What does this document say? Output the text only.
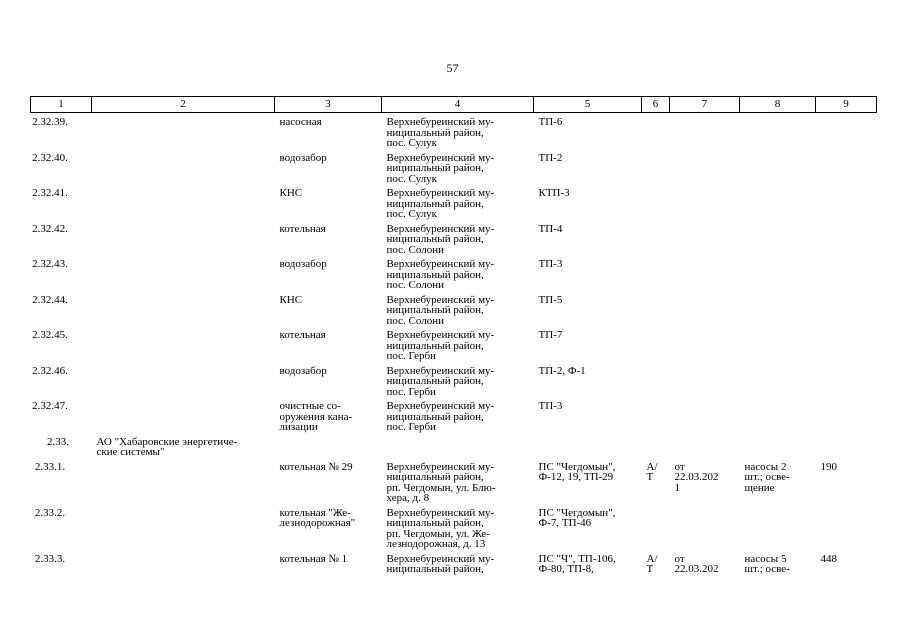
57
1	2	3	4	5	6	7	8	9

2.32.39.		насосная	Верхнебуреинский му-
ниципальный район,
пос. Сулук	ТП-6				

2.32.40.		водозабор	Верхнебуреинский му-
ниципальный район,
пос. Сулук	ТП-2				

2.32.41.		КНС	Верхнебуреинский му-
ниципальный район,
пос. Сулук	КТП-3				

2.32.42.		котельная	Верхнебуреинский му-
ниципальный район,
пос. Солони	ТП-4				

2.32.43.		водозабор	Верхнебуреинский му-
ниципальный район,
пос. Солони	ТП-3				

2.32.44.		КНС	Верхнебуреинский му-
ниципальный район,
пос. Солони	ТП-5				

2.32.45.		котельная	Верхнебуреинский му-
ниципальный район,
пос. Герби	ТП-7				

2.32.46.		водозабор	Верхнебуреинский му-
ниципальный район,
пос. Герби	ТП-2, Ф-1				

2.32.47.		очистные со-
оружения кана-
лизации	Верхнебуреинский му-
ниципальный район,
пос. Герби	ТП-3				

2.33.	АО "Хабаровские энергетиче-
ские системы"							

2.33.1.		котельная № 29	Верхнебуреинский му-
ниципальный район,
рп. Чегдомын, ул. Блю-
хера, д. 8	ПС "Чегдомын",
Ф-12, 19, ТП-29	А/
Т	от
22.03.202
1	насосы 2
шт.; осве-
щение	190

2.33.2.		котельная "Же-
лезнодорожная"	Верхнебуреинский му-
ниципальный район,
рп. Чегдомын, ул. Же-
лезнодорожная, д. 13	ПС "Чегдомын",
Ф-7, ТП-46				

2.33.3.		котельная № 1	Верхнебуреинский му-
ниципальный район,	ПС "Ч", ТП-106,
Ф-80, ТП-8,	А/
Т	от
22.03.202	насосы 5
шт.; осве-	448
